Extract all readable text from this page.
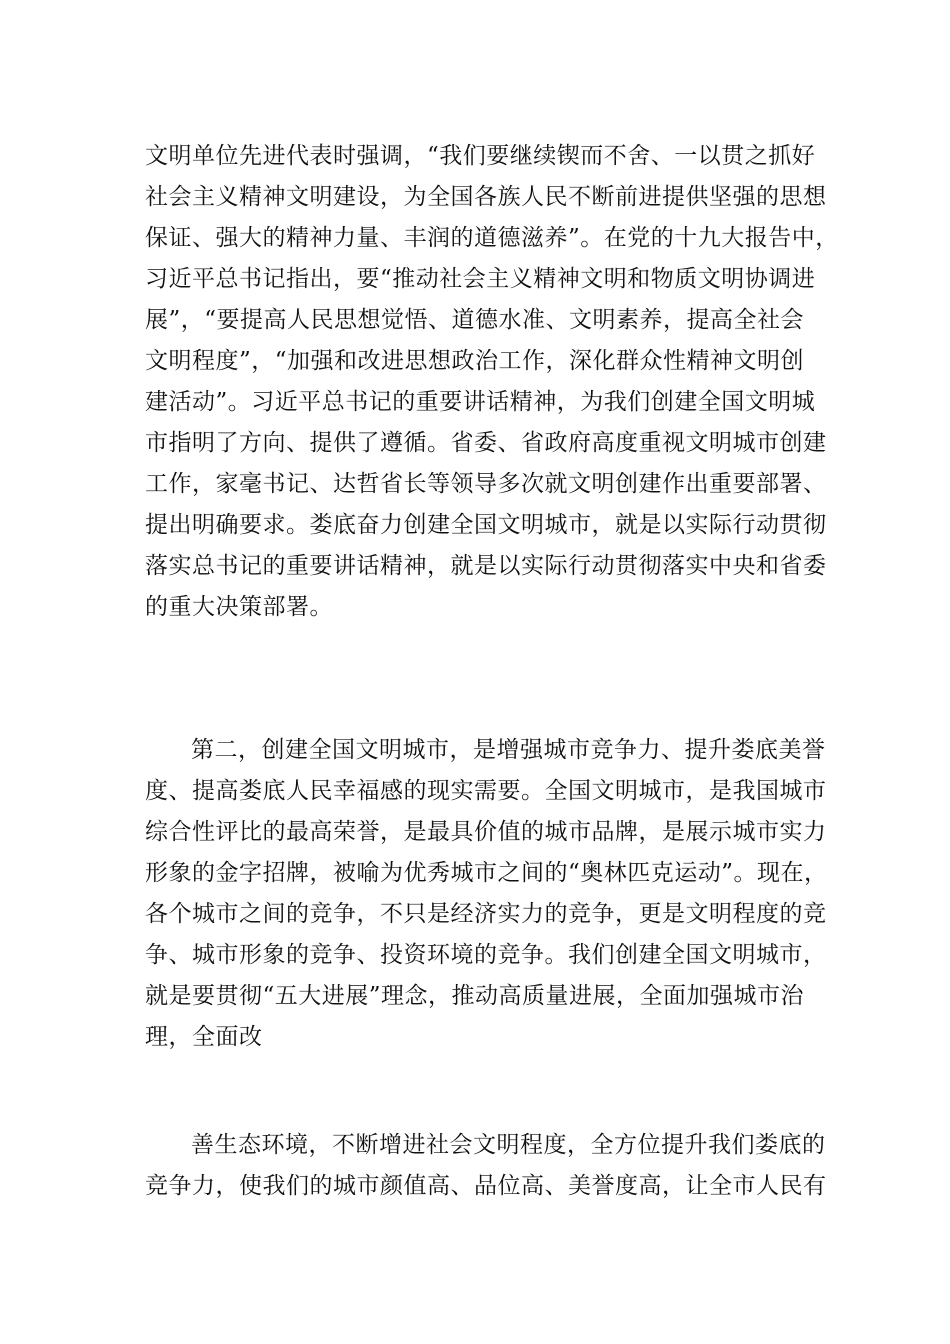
文明单位先进代表时强调，“我们要继续锲而不舍、一以贯之抓好
社会主义精神文明建设，为全国各族人民不断前进提供坚强的思想
保证、强大的精神力量、丰润的道德滋养”。在党的十九大报告中，
习近平总书记指出，要“推动社会主义精神文明和物质文明协调进
展”，“要提高人民思想觉悟、道德水准、文明素养，提高全社会
文明程度”，“加强和改进思想政治工作，深化群众性精神文明创
建活动”。习近平总书记的重要讲话精神，为我们创建全国文明城
市指明了方向、提供了遵循。省委、省政府高度重视文明城市创建
工作，家毫书记、达哲省长等领导多次就文明创建作出重要部署、
提出明确要求。娄底奋力创建全国文明城市，就是以实际行动贯彻
落实总书记的重要讲话精神，就是以实际行动贯彻落实中央和省委
的重大决策部署。
第二，创建全国文明城市，是增强城市竞争力、提升娄底美誉
度、提高娄底人民幸福感的现实需要。全国文明城市，是我国城市
综合性评比的最高荣誉，是最具价值的城市品牌，是展示城市实力
形象的金字招牌，被喻为优秀城市之间的“奥林匹克运动”。现在，
各个城市之间的竞争，不只是经济实力的竞争，更是文明程度的竞
争、城市形象的竞争、投资环境的竞争。我们创建全国文明城市，
就是要贯彻“五大进展”理念，推动高质量进展，全面加强城市治
理，全面改
善生态环境，不断增进社会文明程度，全方位提升我们娄底的
竞争力，使我们的城市颜值高、品位高、美誉度高，让全市人民有
